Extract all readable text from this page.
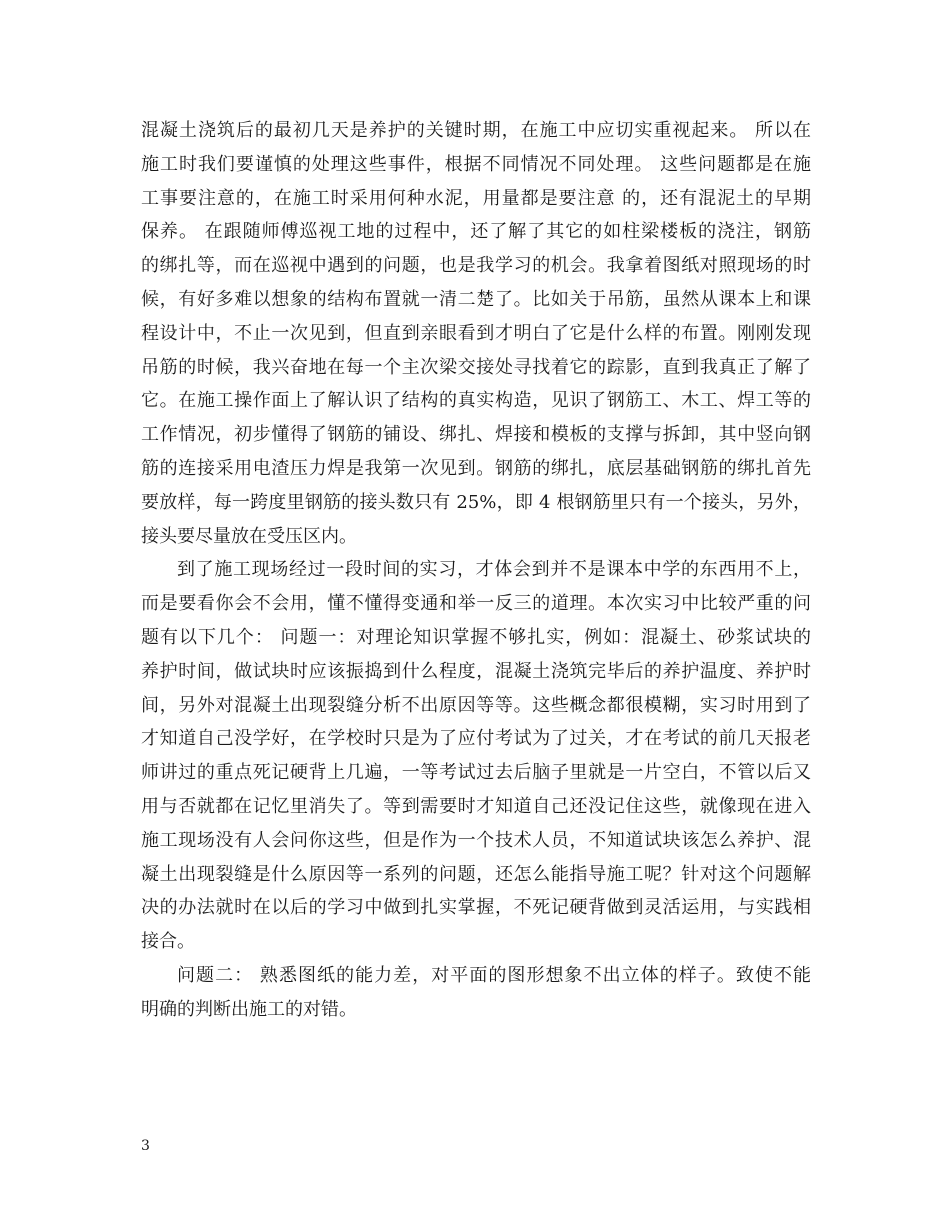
混凝土浇筑后的最初几天是养护的关键时期，在施工中应切实重视起来。 所以在
施工时我们要谨慎的处理这些事件，根据不同情况不同处理。 这些问题都是在施
工事要注意的，在施工时采用何种水泥，用量都是要注意 的，还有混泥土的早期
保养。 在跟随师傅巡视工地的过程中，还了解了其它的如柱梁楼板的浇注，钢筋
的绑扎等，而在巡视中遇到的问题，也是我学习的机会。我拿着图纸对照现场的时
候，有好多难以想象的结构布置就一清二楚了。比如关于吊筋，虽然从课本上和课
程设计中，不止一次见到，但直到亲眼看到才明白了它是什么样的布置。刚刚发现
吊筋的时候，我兴奋地在每一个主次梁交接处寻找着它的踪影，直到我真正了解了
它。在施工操作面上了解认识了结构的真实构造，见识了钢筋工、木工、焊工等的
工作情况，初步懂得了钢筋的铺设、绑扎、焊接和模板的支撑与拆卸，其中竖向钢
筋的连接采用电渣压力焊是我第一次见到。钢筋的绑扎，底层基础钢筋的绑扎首先
要放样，每一跨度里钢筋的接头数只有 25%，即 4 根钢筋里只有一个接头，另外，
接头要尽量放在受压区内。
到了施工现场经过一段时间的实习，才体会到并不是课本中学的东西用不上，
而是要看你会不会用，懂不懂得变通和举一反三的道理。本次实习中比较严重的问
题有以下几个： 问题一：对理论知识掌握不够扎实，例如：混凝土、砂浆试块的
养护时间，做试块时应该振捣到什么程度，混凝土浇筑完毕后的养护温度、养护时
间，另外对混凝土出现裂缝分析不出原因等等。这些概念都很模糊，实习时用到了
才知道自己没学好，在学校时只是为了应付考试为了过关，才在考试的前几天报老
师讲过的重点死记硬背上几遍，一等考试过去后脑子里就是一片空白，不管以后又
用与否就都在记忆里消失了。等到需要时才知道自己还没记住这些，就像现在进入
施工现场没有人会问你这些，但是作为一个技术人员，不知道试块该怎么养护、混
凝土出现裂缝是什么原因等一系列的问题，还怎么能指导施工呢？针对这个问题解
决的办法就时在以后的学习中做到扎实掌握，不死记硬背做到灵活运用，与实践相
接合。
问题二： 熟悉图纸的能力差，对平面的图形想象不出立体的样子。致使不能
明确的判断出施工的对错。
3
